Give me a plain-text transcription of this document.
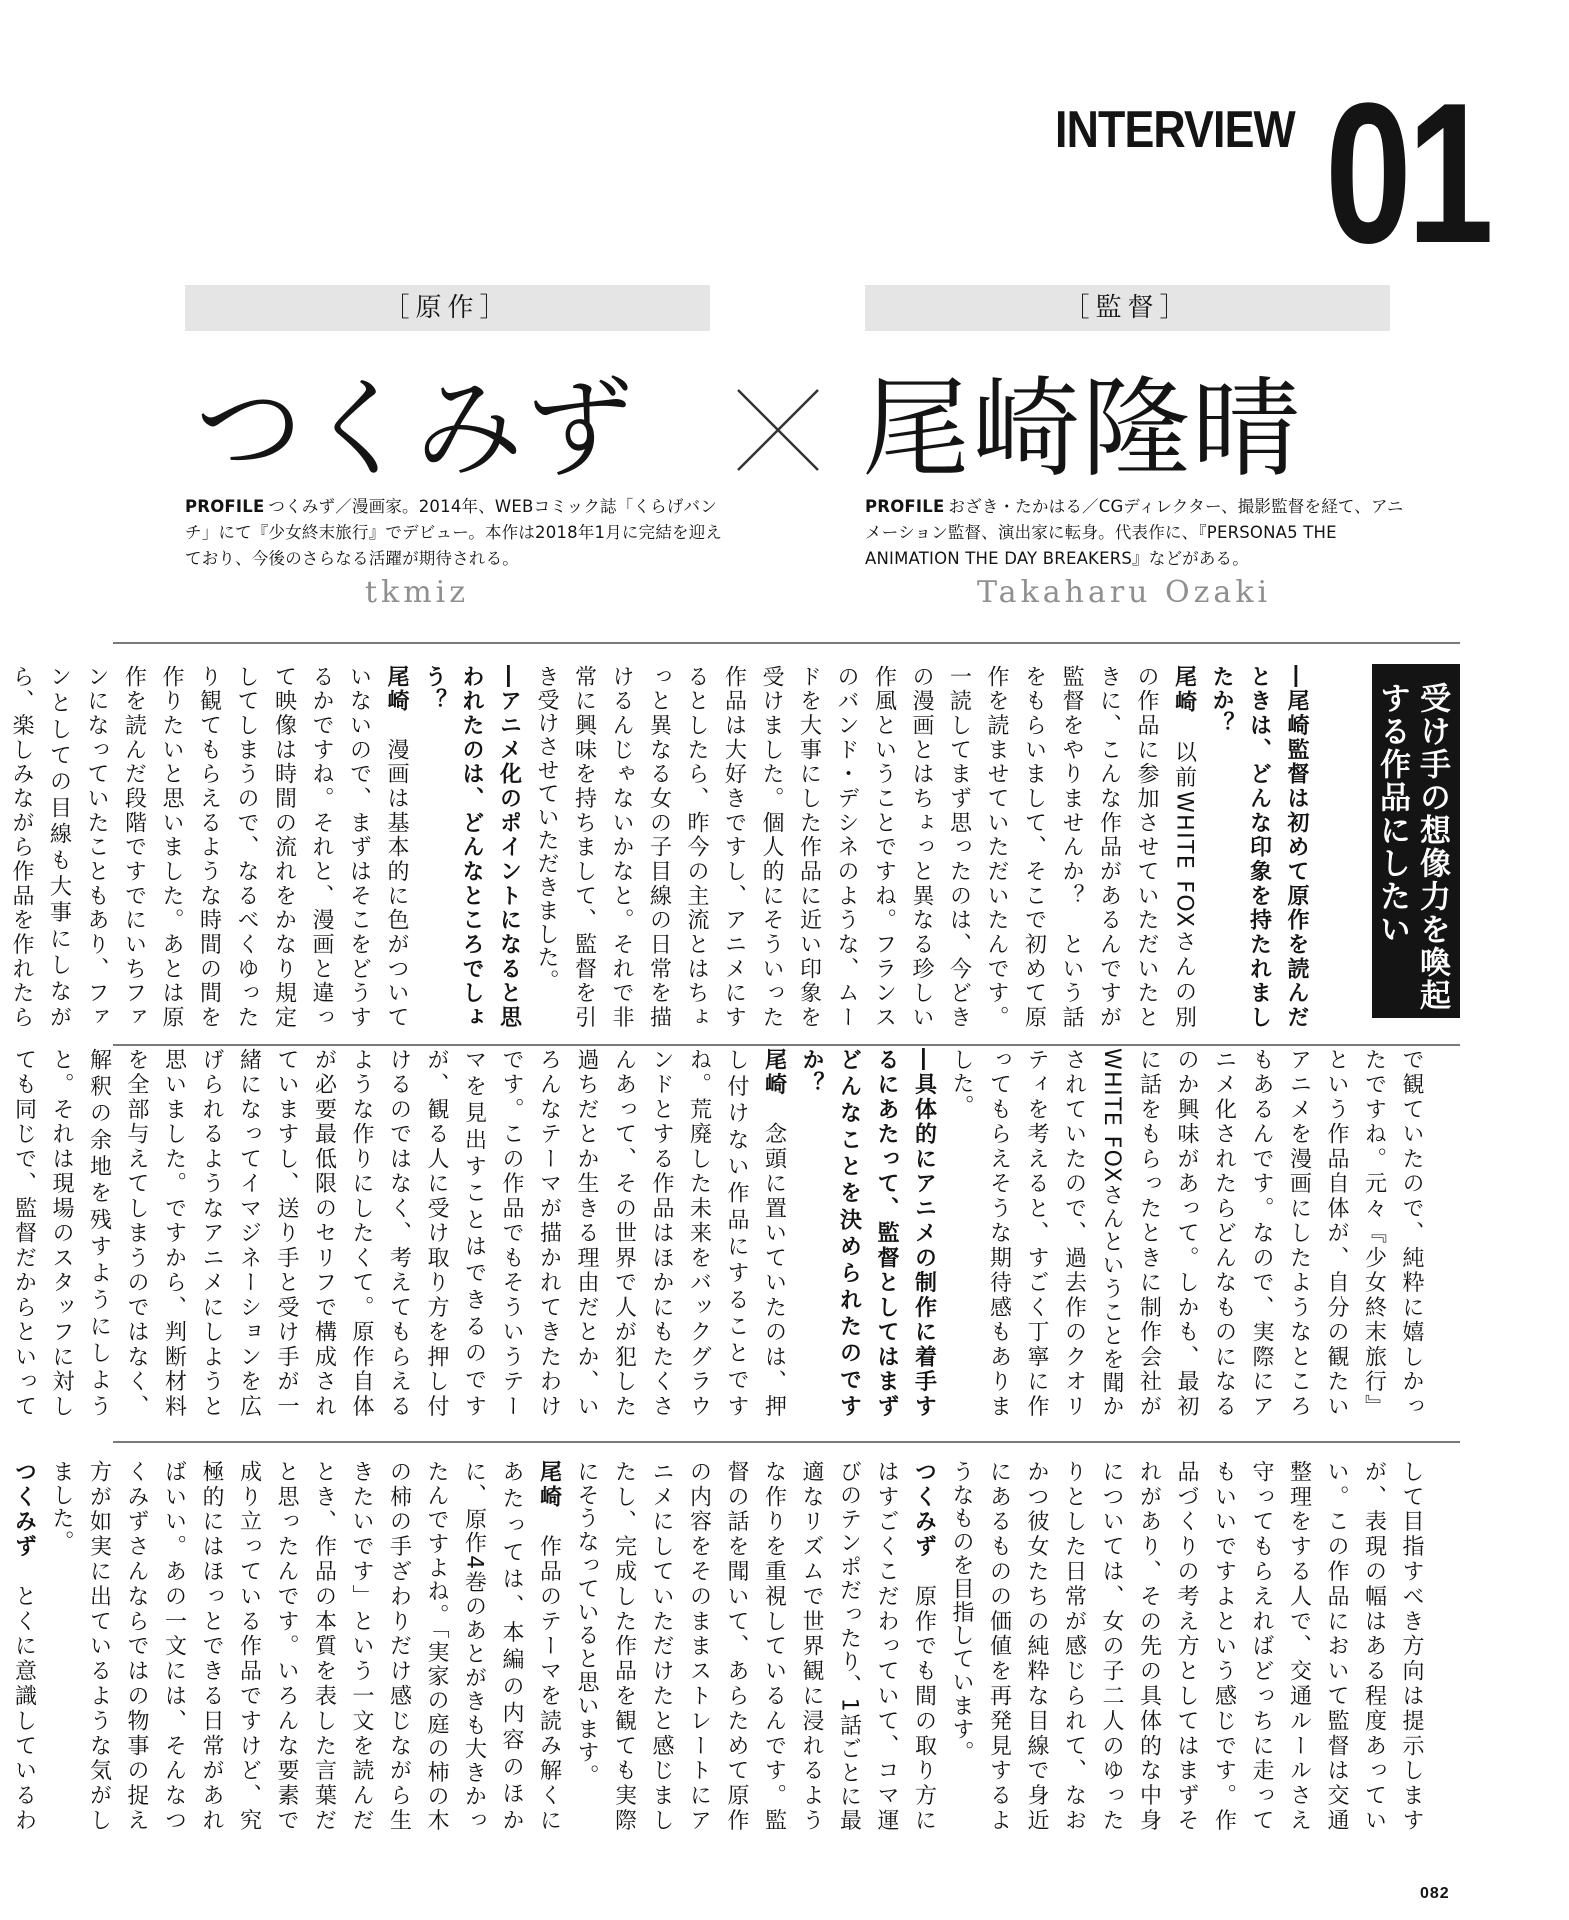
INTERVIEW 01
［原作］	［監督］
つくみず 尾崎隆晴
PROFILE つくみず／漫画家。2014年、WEBコミック誌「くらげバンチ」にて『少女終末旅行』でデビュー。本作は2018年1月に完結を迎えており、今後のさらなる活躍が期待される。
PROFILE おざき・たかはる／CGディレクター、撮影監督を経て、アニメーション監督、演出家に転身。代表作に、『PERSONA5 THE ANIMATION THE DAY BREAKERS』などがある。
tkmiz	Takaharu Ozaki
受け手の想像力を喚起する作品にしたい
―尾崎監督は初めて原作を読んだときは、どんな印象を持たれましたか？
尾崎　以前WHITE FOXさんの別の作品に参加させていただいたときに、こんな作品があるんですが監督をやりませんか？　という話をもらいまして、そこで初めて原作を読ませていただいたんです。一読してまず思ったのは、今どきの漫画とはちょっと異なる珍しい作風ということですね。フランスのバンド・デシネのような、ムードを大事にした作品に近い印象を受けました。個人的にそういった作品は大好きですし、アニメにするとしたら、昨今の主流とはちょっと異なる女の子目線の日常を描けるんじゃないかなと。それで非常に興味を持ちまして、監督を引き受けさせていただきました。
―アニメ化のポイントになると思われたのは、どんなところでしょう？
尾崎　漫画は基本的に色がついていないので、まずはそこをどうするかですね。それと、漫画と違って映像は時間の流れをかなり規定してしまうので、なるべくゆったり観てもらえるような時間の間を作りたいと思いました。あとは原作を読んだ段階ですでにいちファンになっていたこともあり、ファンとしての目線も大事にしながら、楽しみながら作品を作れたら

で観ていたので、純粋に嬉しかったですね。元々『少女終末旅行』という作品自体が、自分の観たいアニメを漫画にしたようなところもあるんです。なので、実際にアニメ化されたらどんなものになるのか興味があって。しかも、最初に話をもらったときに制作会社がWHITE FOXさんということを聞かされていたので、過去作のクオリティを考えると、すごく丁寧に作ってもらえそうな期待感もありました。
―具体的にアニメの制作に着手するにあたって、監督としてはまずどんなことを決められたのですか？
尾崎　念頭に置いていたのは、押し付けない作品にすることですね。荒廃した未来をバックグラウンドとする作品はほかにもたくさんあって、その世界で人が犯した過ちだとか生きる理由だとか、いろんなテーマが描かれてきたわけです。この作品でもそういうテーマを見出すことはできるのですが、観る人に受け取り方を押し付けるのではなく、考えてもらえるような作りにしたくて。原作自体が必要最低限のセリフで構成されていますし、送り手と受け手が一緒になってイマジネーションを広げられるようなアニメにしようと思いました。ですから、判断材料を全部与えてしまうのではなく、解釈の余地を残すようにしようと。それは現場のスタッフに対しても同じで、監督だからといって
して目指すべき方向は提示しますが、表現の幅はある程度あっていい。この作品において監督は交通整理をする人で、交通ルールさえ守ってもらえればどっちに走ってもいいですよという感じです。作品づくりの考え方としてはまずそれがあり、その先の具体的な中身については、女の子二人のゆったりとした日常が感じられて、なおかつ彼女たちの純粋な目線で身近にあるものの価値を再発見するようなものを目指しています。
つくみず　原作でも間の取り方にはすごくこだわっていて、コマ運びのテンポだったり、1話ごとに最適なリズムで世界観に浸れるような作りを重視しているんです。監督の話を聞いて、あらためて原作の内容をそのままストレートにアニメにしていただけたと感じましたし、完成した作品を観ても実際にそうなっていると思います。
尾崎　作品のテーマを読み解くにあたっては、本編の内容のほかに、原作4巻のあとがきも大きかったんですよね。「実家の庭の柿の木の柿の手ざわりだけ感じながら生きたいです」という一文を読んだとき、作品の本質を表した言葉だと思ったんです。いろんな要素で成り立っている作品ですけど、究極的にはほっとできる日常があればいい。あの一文には、そんなつくみずさんならではの物事の捉え方が如実に出ているような気がしました。
つくみず　とくに意識しているわ
082
